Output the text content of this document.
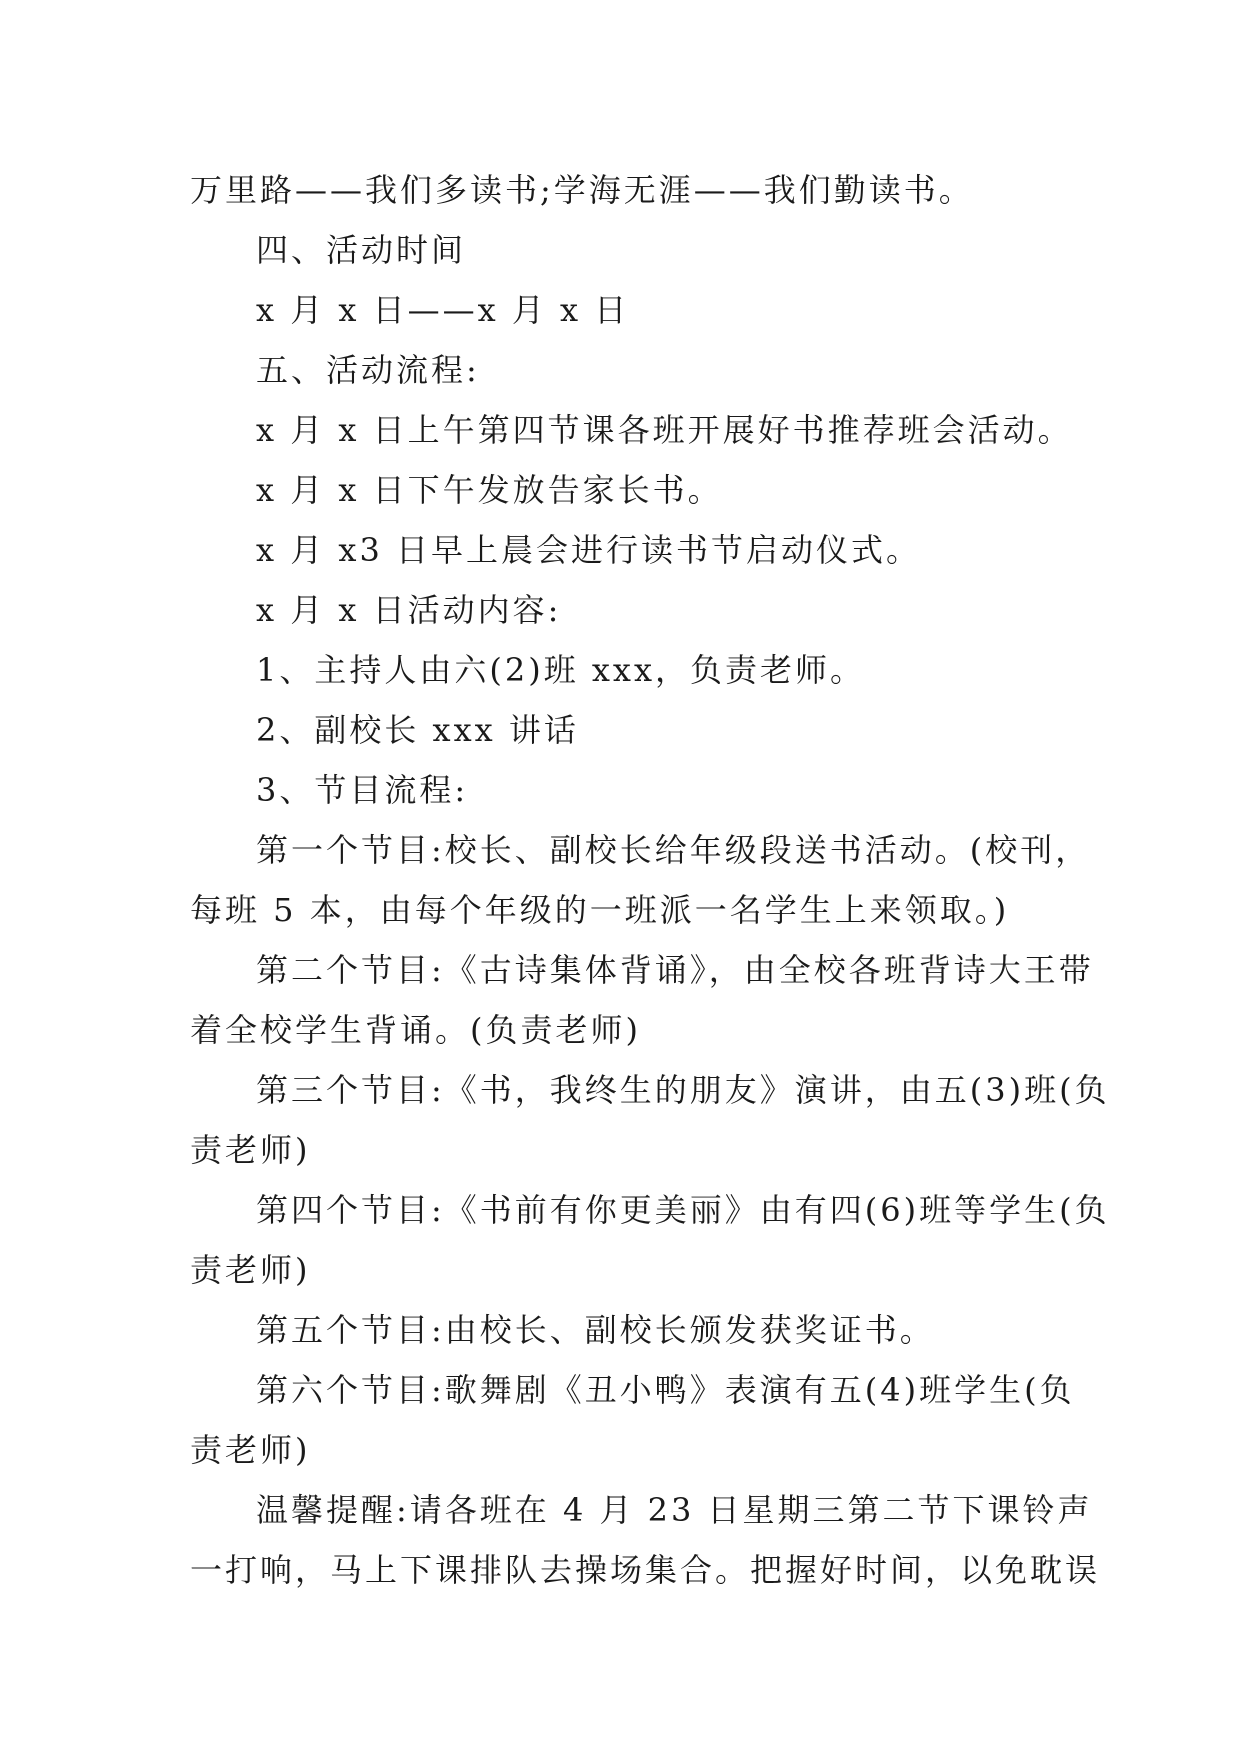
万里路——我们多读书;学海无涯——我们勤读书。
四、活动时间
x 月 x 日——x 月 x 日
五、活动流程:
x 月 x 日上午第四节课各班开展好书推荐班会活动。
x 月 x 日下午发放告家长书。
x 月 x3 日早上晨会进行读书节启动仪式。
x 月 x 日活动内容:
1、主持人由六(2)班 xxx，负责老师。
2、副校长 xxx 讲话
3、节目流程:
第一个节目:校长、副校长给年级段送书活动。(校刊，
每班 5 本，由每个年级的一班派一名学生上来领取。)
第二个节目:《古诗集体背诵》，由全校各班背诗大王带
着全校学生背诵。(负责老师)
第三个节目:《书，我终生的朋友》演讲，由五(3)班(负
责老师)
第四个节目:《书前有你更美丽》由有四(6)班等学生(负
责老师)
第五个节目:由校长、副校长颁发获奖证书。
第六个节目:歌舞剧《丑小鸭》表演有五(4)班学生(负
责老师)
温馨提醒:请各班在 4 月 23 日星期三第二节下课铃声
一打响，马上下课排队去操场集合。把握好时间，以免耽误
